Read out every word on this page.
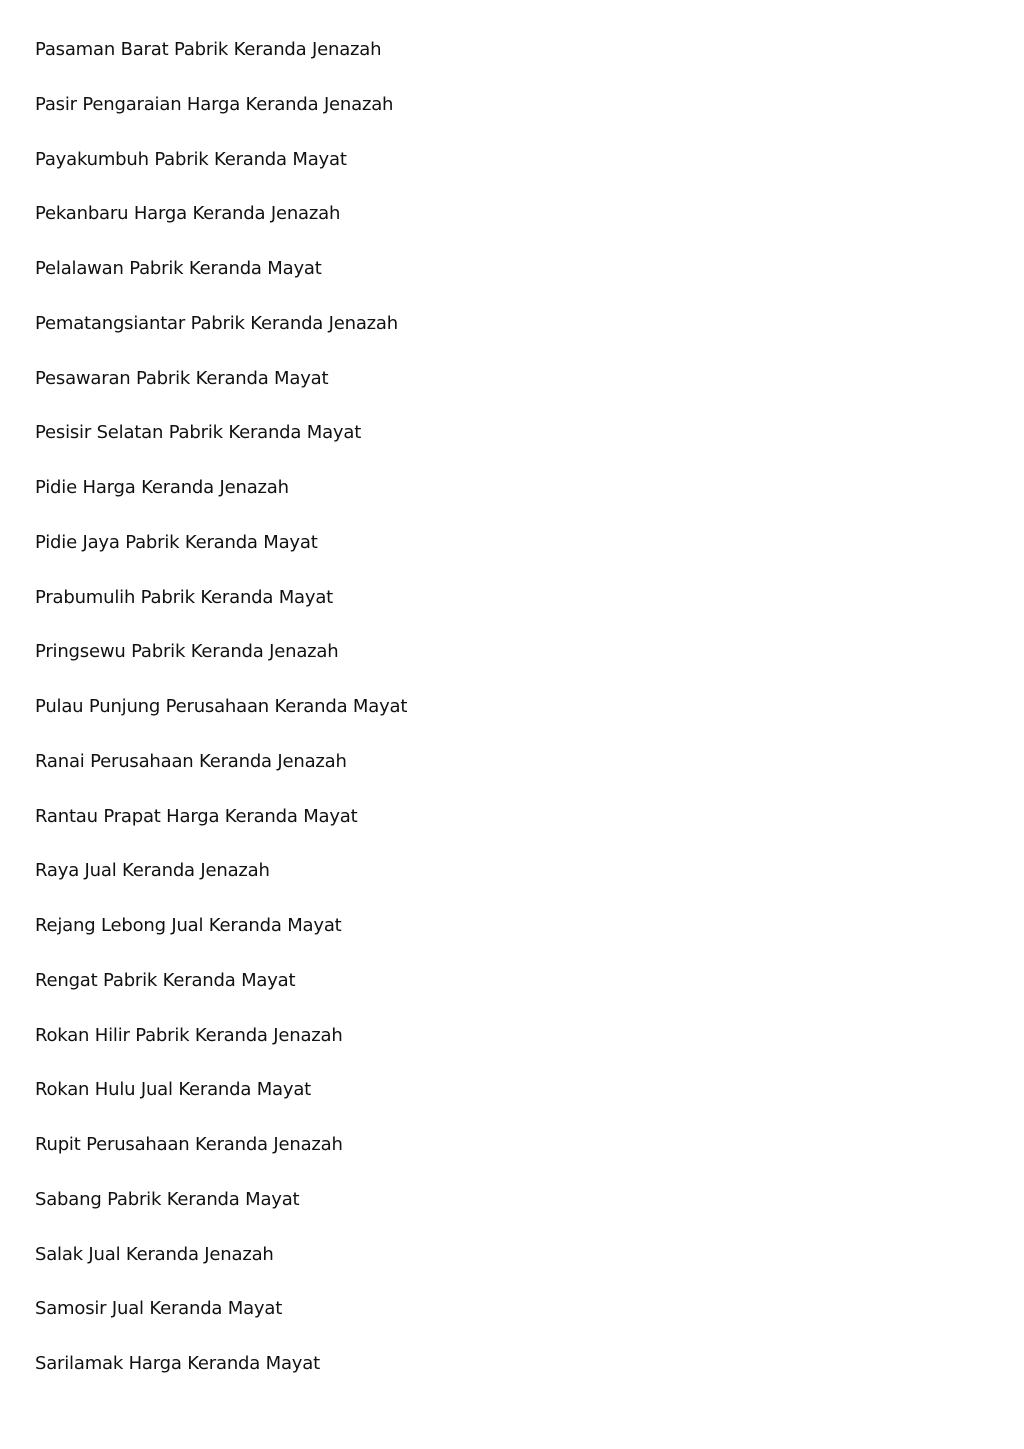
Pasaman Barat Pabrik Keranda Jenazah
Pasir Pengaraian Harga Keranda Jenazah
Payakumbuh Pabrik Keranda Mayat
Pekanbaru Harga Keranda Jenazah
Pelalawan Pabrik Keranda Mayat
Pematangsiantar Pabrik Keranda Jenazah
Pesawaran Pabrik Keranda Mayat
Pesisir Selatan Pabrik Keranda Mayat
Pidie Harga Keranda Jenazah
Pidie Jaya Pabrik Keranda Mayat
Prabumulih Pabrik Keranda Mayat
Pringsewu Pabrik Keranda Jenazah
Pulau Punjung Perusahaan Keranda Mayat
Ranai Perusahaan Keranda Jenazah
Rantau Prapat Harga Keranda Mayat
Raya Jual Keranda Jenazah
Rejang Lebong Jual Keranda Mayat
Rengat Pabrik Keranda Mayat
Rokan Hilir Pabrik Keranda Jenazah
Rokan Hulu Jual Keranda Mayat
Rupit Perusahaan Keranda Jenazah
Sabang Pabrik Keranda Mayat
Salak Jual Keranda Jenazah
Samosir Jual Keranda Mayat
Sarilamak Harga Keranda Mayat
